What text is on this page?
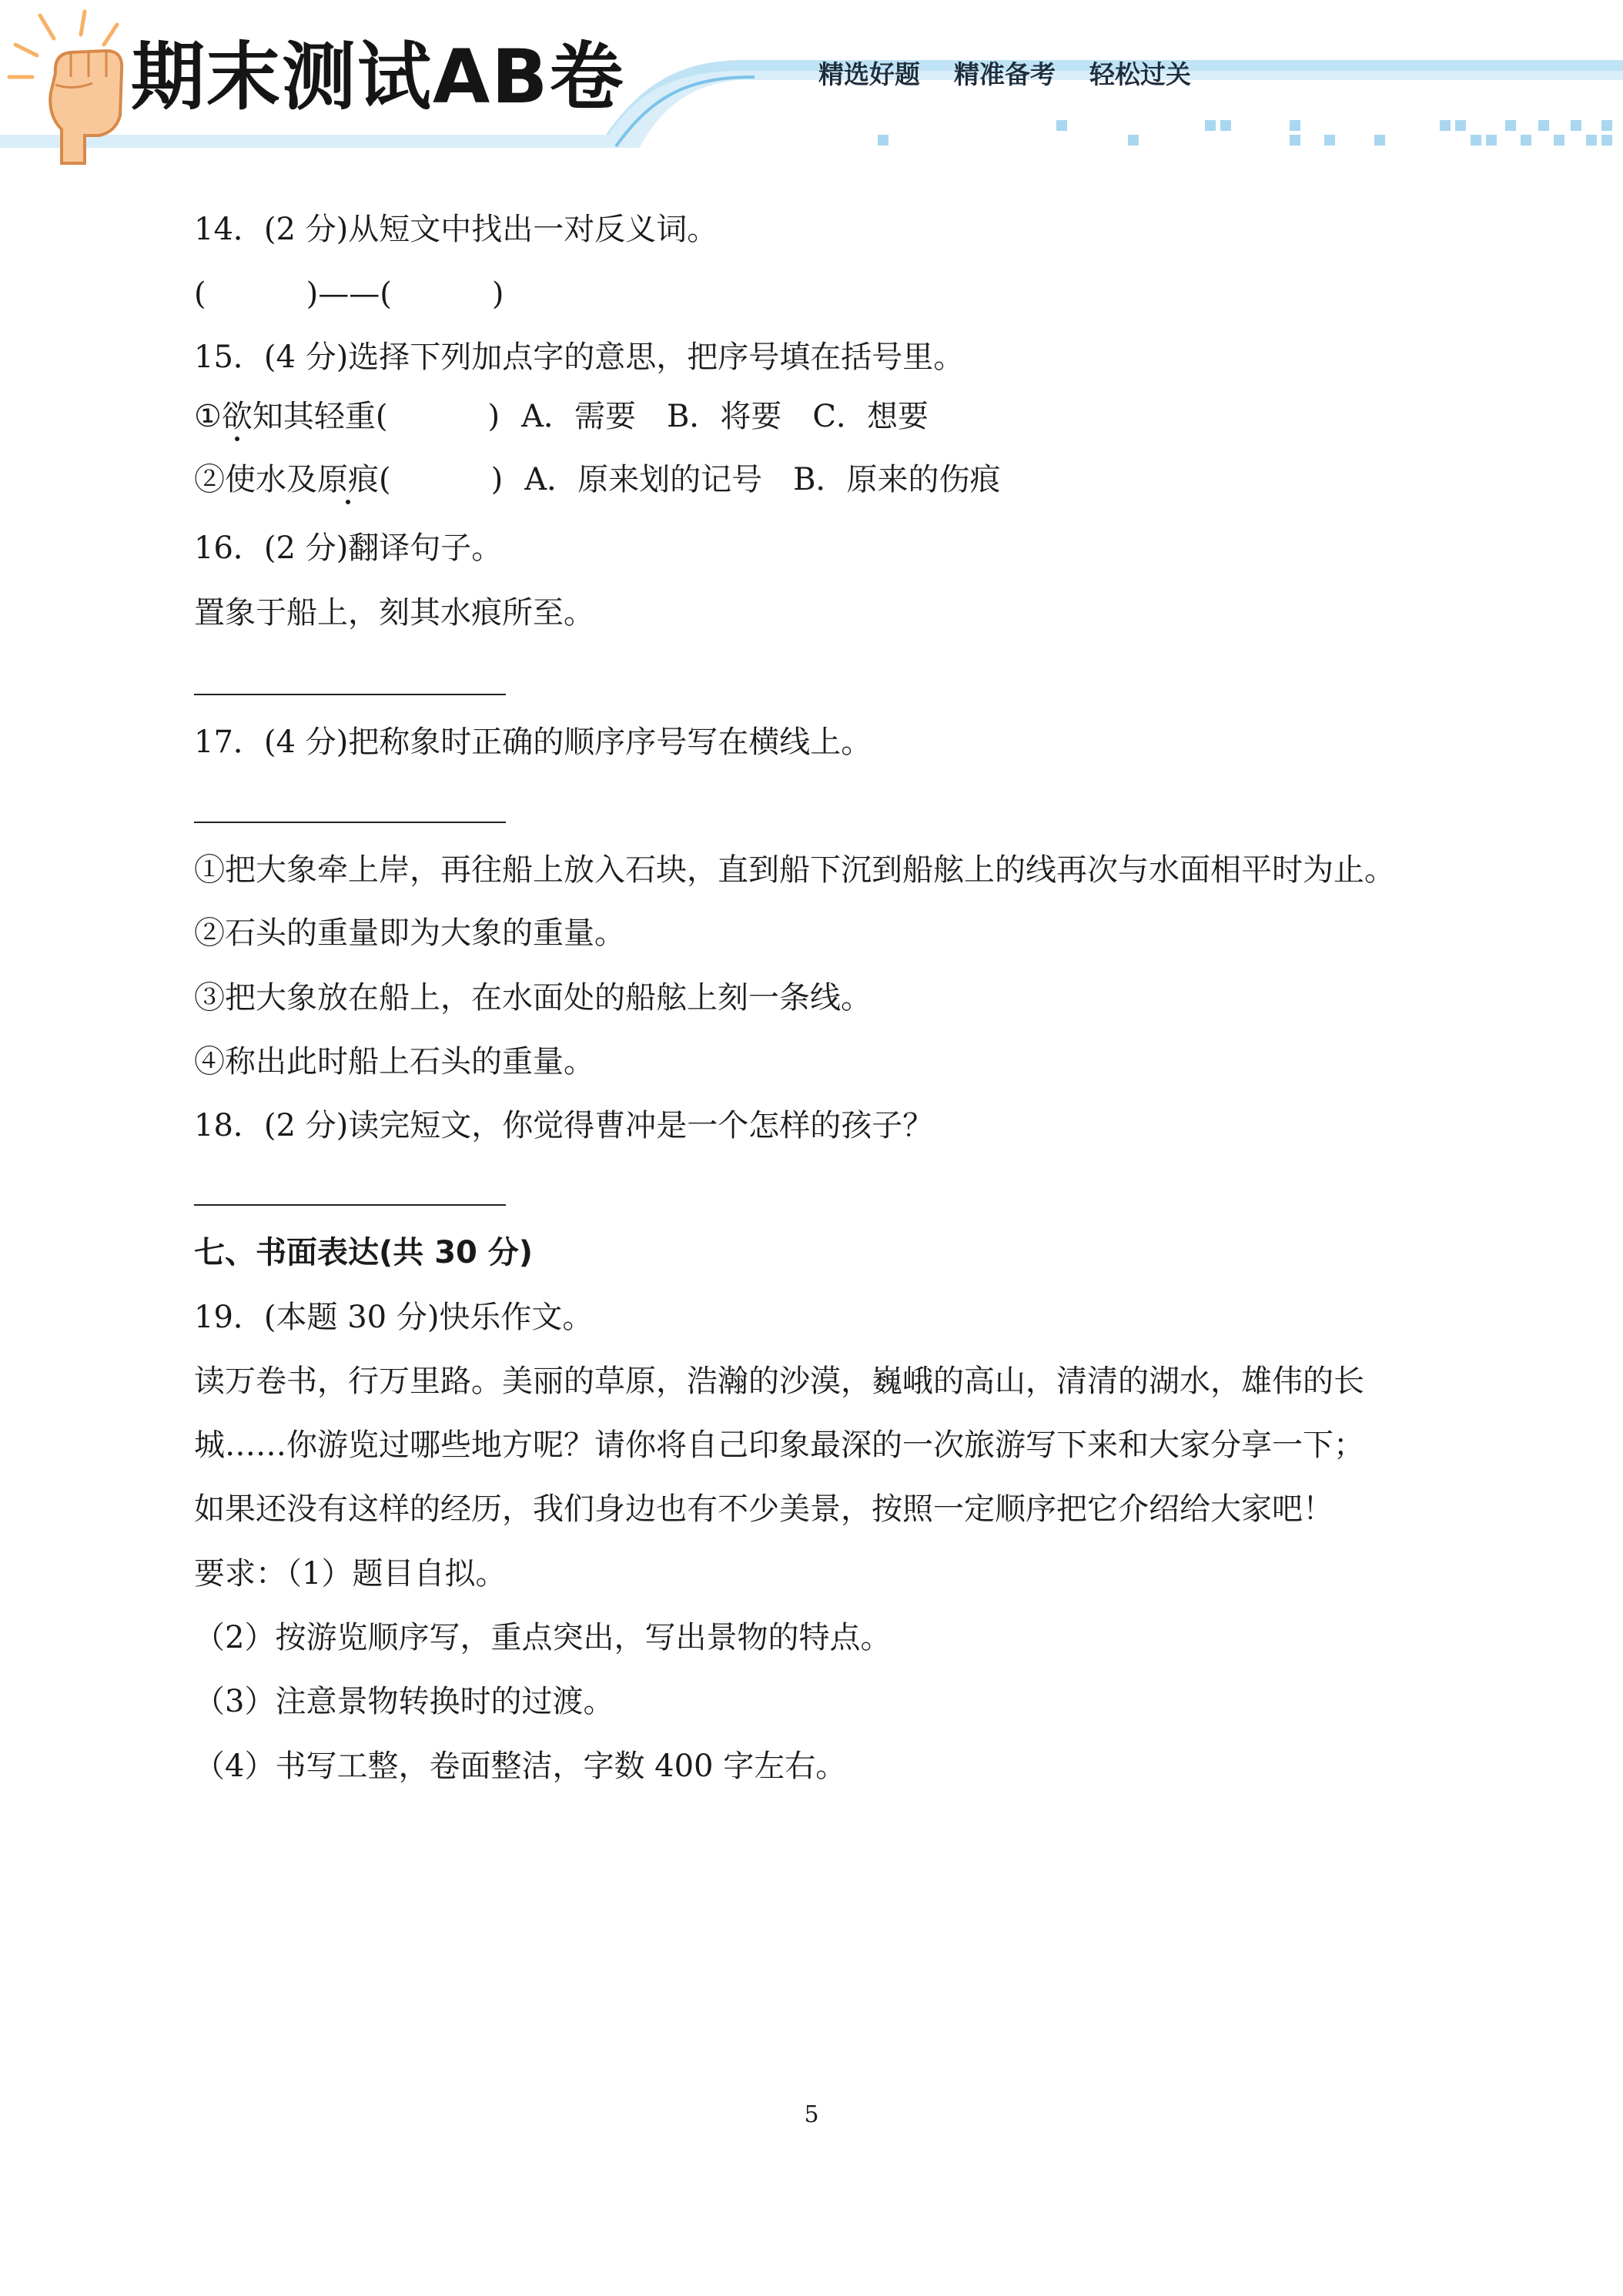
期末测试AB卷	精选好题 精准备考 轻松过关
14．(2 分)从短文中找出一对反义词。
(	)——(	)
15．(4 分)选择下列加点字的意思，把序号填在括号里。
①欲知其轻重(	) A．需要　B．将要　C．想要
②使水及原痕(	) A．原来划的记号　B．原来的伤痕
16．(2 分)翻译句子。
置象于船上，刻其水痕所至。
17．(4 分)把称象时正确的顺序序号写在横线上。
①把大象牵上岸，再往船上放入石块，直到船下沉到船舷上的线再次与水面相平时为止。
②石头的重量即为大象的重量。
③把大象放在船上，在水面处的船舷上刻一条线。
④称出此时船上石头的重量。
18．(2 分)读完短文，你觉得曹冲是一个怎样的孩子？
七、书面表达(共 30 分)
19．(本题 30 分)快乐作文。
读万卷书，行万里路。美丽的草原，浩瀚的沙漠，巍峨的高山，清清的湖水，雄伟的长
城……你游览过哪些地方呢？请你将自己印象最深的一次旅游写下来和大家分享一下；
如果还没有这样的经历，我们身边也有不少美景，按照一定顺序把它介绍给大家吧！
要求：（1）题目自拟。
（2）按游览顺序写，重点突出，写出景物的特点。
（3）注意景物转换时的过渡。
（4）书写工整，卷面整洁，字数 400 字左右。
5
